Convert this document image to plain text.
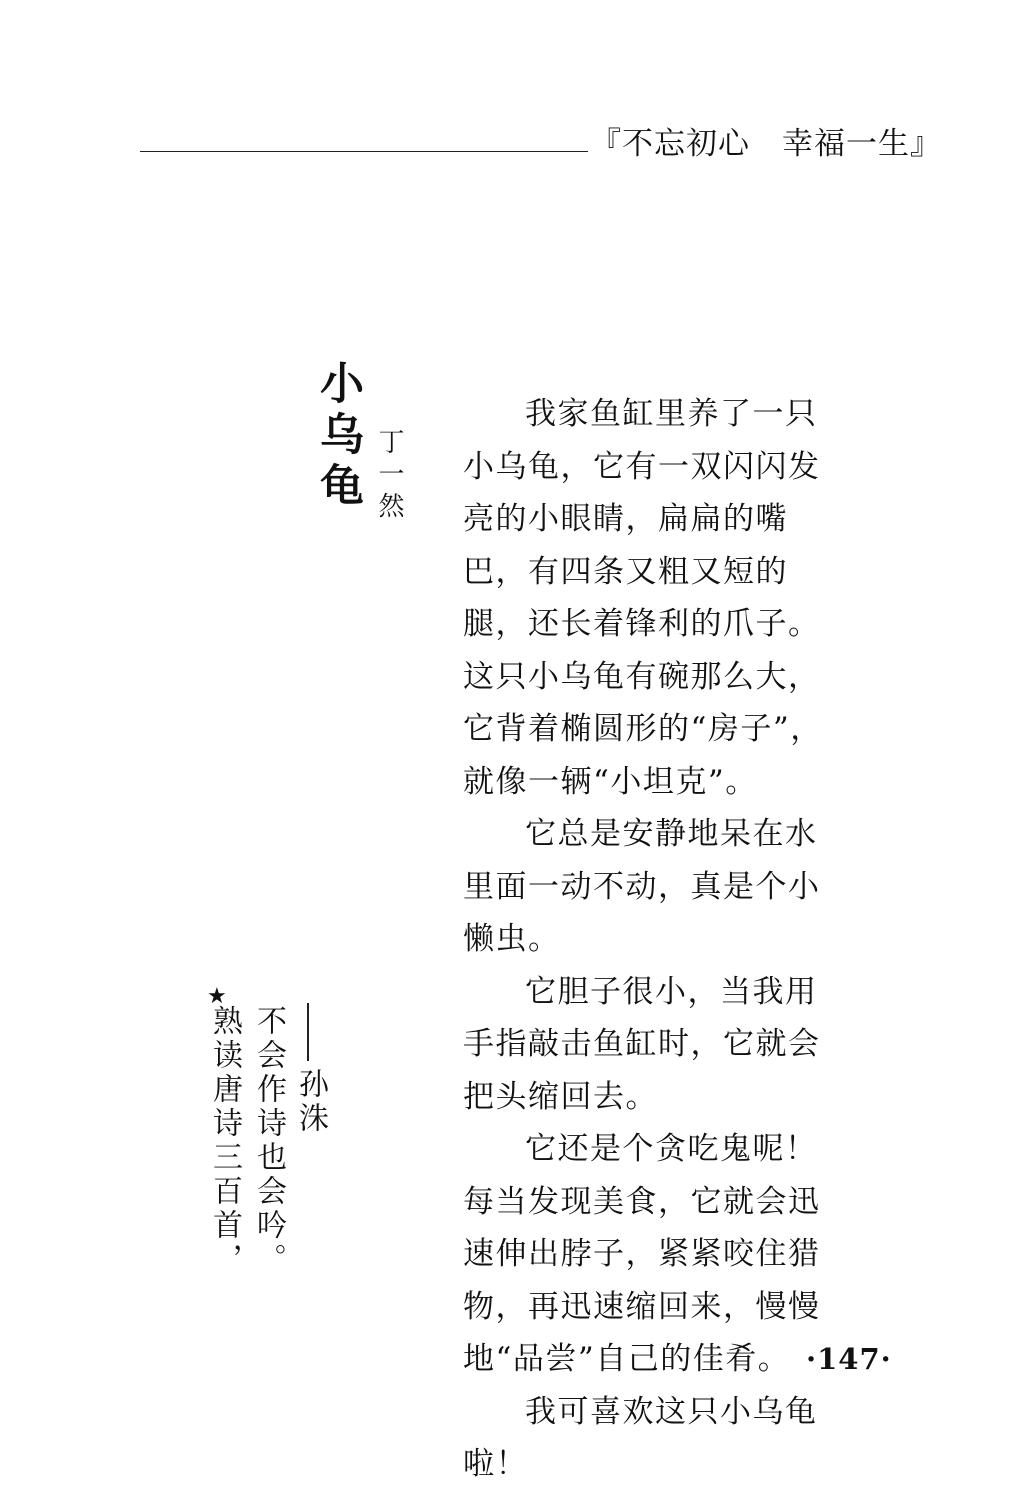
『不忘初心　幸福一生』
小乌龟 丁一然

我家鱼缸里养了一只小乌龟，它有一双闪闪发亮的小眼睛，扁扁的嘴巴，有四条又粗又短的腿，还长着锋利的爪子。这只小乌龟有碗那么大，它背着椭圆形的“房子”，就像一辆“小坦克”。

它总是安静地呆在水里面一动不动，真是个小懒虫。

它胆子很小，当我用手指敲击鱼缸时，它就会把头缩回去。

它还是个贪吃鬼呢！每当发现美食，它就会迅速伸出脖子，紧紧咬住猎物，再迅速缩回来，慢慢地“品尝”自己的佳肴。

我可喜欢这只小乌龟啦！

★
熟读唐诗三百首， 不会作诗也会吟。 孙洙
·147·
